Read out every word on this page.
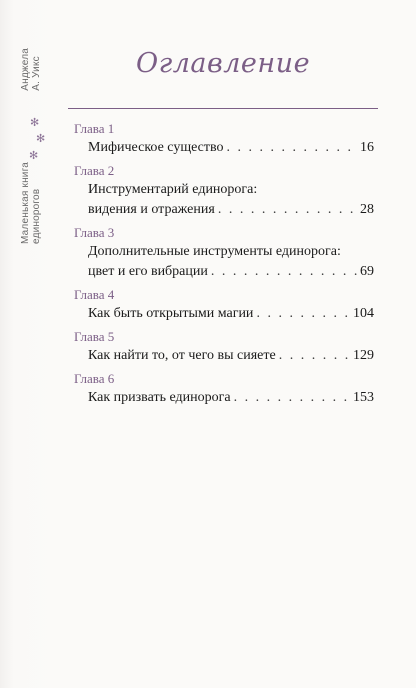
Анджела А. Уикс
Маленькая книга единорогов
✻
✻
✻
Оглавление
Глава 1
Мифическое существо . . .	16
Глава 2
Инструментарий единорога:
видения и отражения . . .	28
Глава 3
Дополнительные инструменты единорога:
цвет и его вибрации . . .	69
Глава 4
Как быть открытыми магии . . .	104
Глава 5
Как найти то, от чего вы сияете . . .	129
Глава 6
Как призвать единорога . . .	153
